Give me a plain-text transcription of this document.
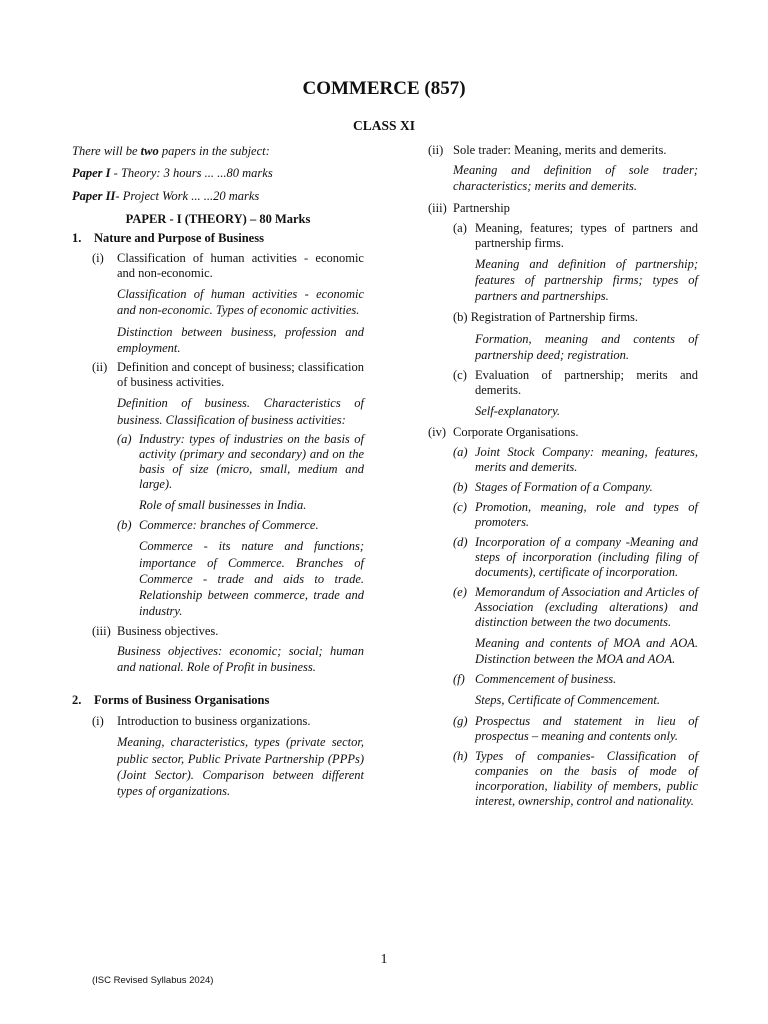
COMMERCE (857)
CLASS XI

There will be two papers in the subject:

Paper I - Theory: 3 hours ... ...80 marks

Paper II- Project Work ... ...20 marks

PAPER - I (THEORY) – 80 Marks

1.	Nature and Purpose of Business
(i)	Classification of human activities - economic and non-economic.

Classification of human activities - economic and non-economic. Types of economic activities.

Distinction between business, profession and employment.

(ii) Definition and concept of business; classification of business activities.

Definition of business. Characteristics of business. Classification of business activities:

(a) Industry: types of industries on the basis of activity (primary and secondary) and on the basis of size (micro, small, medium and large).

Role of small businesses in India.

(b) Commerce: branches of Commerce.

Commerce - its nature and functions; importance of Commerce. Branches of Commerce - trade and aids to trade. Relationship between commerce, trade and industry.

(iii) Business objectives.

Business objectives: economic; social; human and national. Role of Profit in business.

2.	Forms of Business Organisations
(i)	Introduction to business organizations.

Meaning, characteristics, types (private sector, public sector, Public Private Partnership (PPPs) (Joint Sector). Comparison between different types of organizations.

(ii) Sole trader: Meaning, merits and demerits.

Meaning and definition of sole trader; characteristics; merits and demerits.

(iii) Partnership
(a) Meaning, features; types of partners and partnership firms.

Meaning and definition of partnership; features of partnership firms; types of partners and partnerships.

(b) Registration of Partnership firms.

Formation, meaning and contents of partnership deed; registration.

(c) Evaluation of partnership; merits and demerits.

Self-explanatory.

(iv) Corporate Organisations.
(a) Joint Stock Company: meaning, features, merits and demerits.
(b) Stages of Formation of a Company.
(c) Promotion, meaning, role and types of promoters.
(d) Incorporation of a company -Meaning and steps of incorporation (including filing of documents), certificate of incorporation.
(e) Memorandum of Association and Articles of Association (excluding alterations) and distinction between the two documents.

Meaning and contents of MOA and AOA. Distinction between the MOA and AOA.

(f) Commencement of business.

Steps, Certificate of Commencement.

(g) Prospectus and statement in lieu of prospectus – meaning and contents only.
(h) Types of companies- Classification of companies on the basis of mode of incorporation, liability of members, public interest, ownership, control and nationality.
1
(ISC Revised Syllabus 2024)
